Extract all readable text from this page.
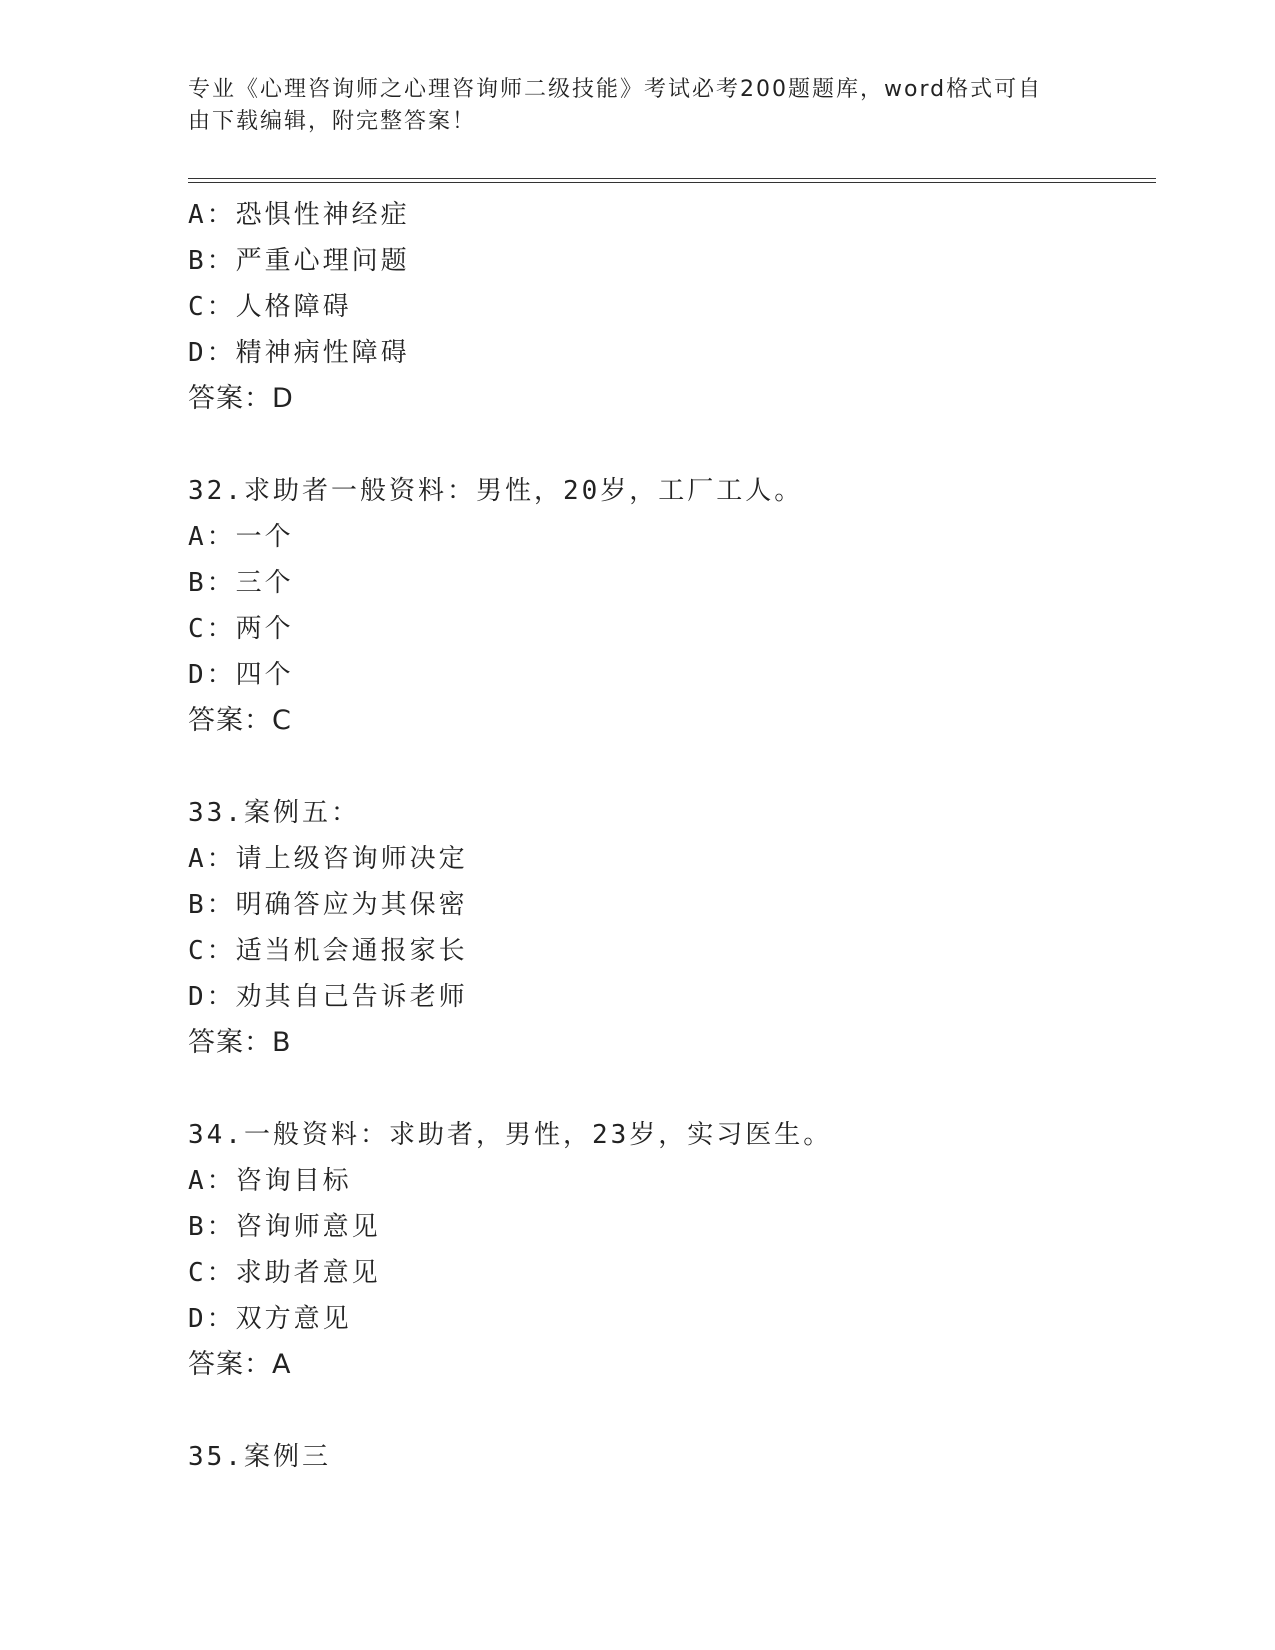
专业《心理咨询师之心理咨询师二级技能》考试必考200题题库，word格式可自
由下载编辑，附完整答案！
A：恐惧性神经症
B：严重心理问题
C：人格障碍
D：精神病性障碍
答案：D
32.求助者一般资料：男性，20岁，工厂工人。
A：一个
B：三个
C：两个
D：四个
答案：C
33.案例五：
A：请上级咨询师决定
B：明确答应为其保密
C：适当机会通报家长
D：劝其自己告诉老师
答案：B
34.一般资料：求助者，男性，23岁，实习医生。
A：咨询目标
B：咨询师意见
C：求助者意见
D：双方意见
答案：A
35.案例三
